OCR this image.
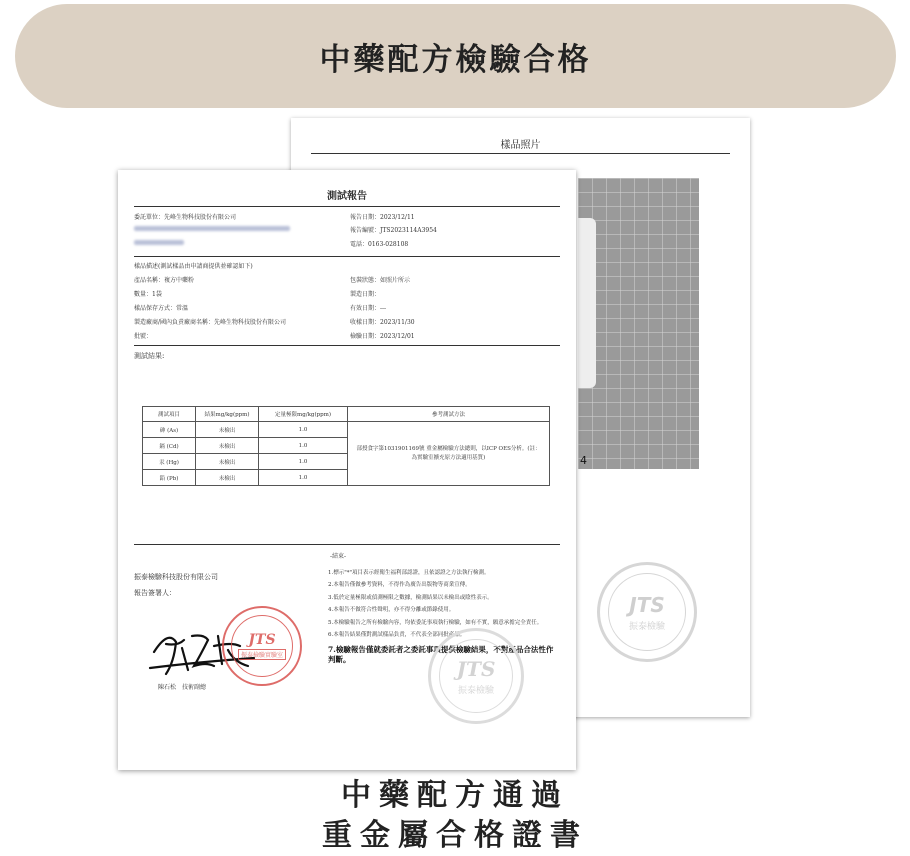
中藥配方檢驗合格
樣品照片
4
JTS
振泰檢驗
測試報告
委託單位：先峰生物科技股份有限公司	報告日期：2023/12/11
報告編號：JTS2023114A3954
電話：0163-028108
樣品描述(測試樣品由申請商提供並確認如下)
產品名稱：複方中藥粉	包裝狀態：如照片所示
數量：1袋	製造日期：
樣品保存方式：常溫	有效日期：---
製造廠商/國內負責廠商名稱：先峰生物科技股份有限公司	收樣日期：2023/11/30
批號：	檢驗日期：2023/12/01
測試結果:
測試項目	結果mg/kg(ppm)	定量極限mg/kg(ppm)	參考測試方法
砷 (As)	未檢出	1.0	部授食字第1031901169號 重金屬檢驗方法總則，以ICP OES分析。(註：為實驗室擴充原方法適用基質)
鎘 (Cd)	未檢出	1.0	
汞 (Hg)	未檢出	1.0	
鉛 (Pb)	未檢出	1.0	
-結束-
振泰檢驗科技股份有限公司
報告簽署人：
陳石松　技術副總
JTS
振泰檢驗實驗室
1.標示"*"項目表示經衛生福利部認證，且依認證之方法執行檢測。
2.本報告僅做參考資料，不得作為廣告出版物等商業宣傳。
3.低於定量極限或偵測極限之數據，檢測結果以未檢出或陰性表示。
4.本報告不做符合性聲明，亦不得分離或節錄使用。
5.本檢驗報告之所有檢驗內容，均依委託事項執行檢驗，如有不實，願意承擔完全責任。
6.本報告結果僅對測試樣品負責，不代表全部同批產品。
7.檢驗報告僅就委託者之委託事項提供檢驗結果，不對產品合法性作判斷。	JTS
振泰檢驗
中藥配方通過
重金屬合格證書
